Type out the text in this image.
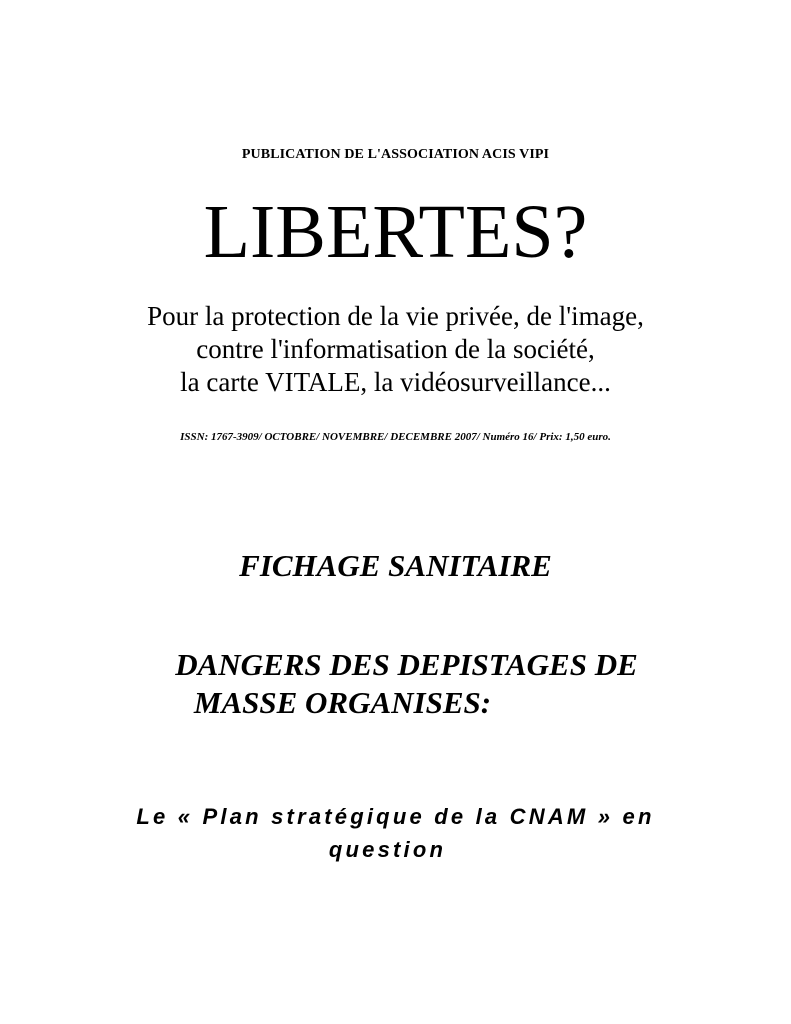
PUBLICATION DE L'ASSOCIATION ACIS VIPI
LIBERTES?
Pour la protection de la vie privée, de l'image,
contre l'informatisation de la société,
la carte VITALE, la vidéosurveillance...
ISSN: 1767-3909/ OCTOBRE/ NOVEMBRE/ DECEMBRE 2007/ Numéro 16/ Prix: 1,50 euro.
FICHAGE SANITAIRE
DANGERS DES DEPISTAGES DE
MASSE ORGANISES:
Le « Plan stratégique de la CNAM » en
question
